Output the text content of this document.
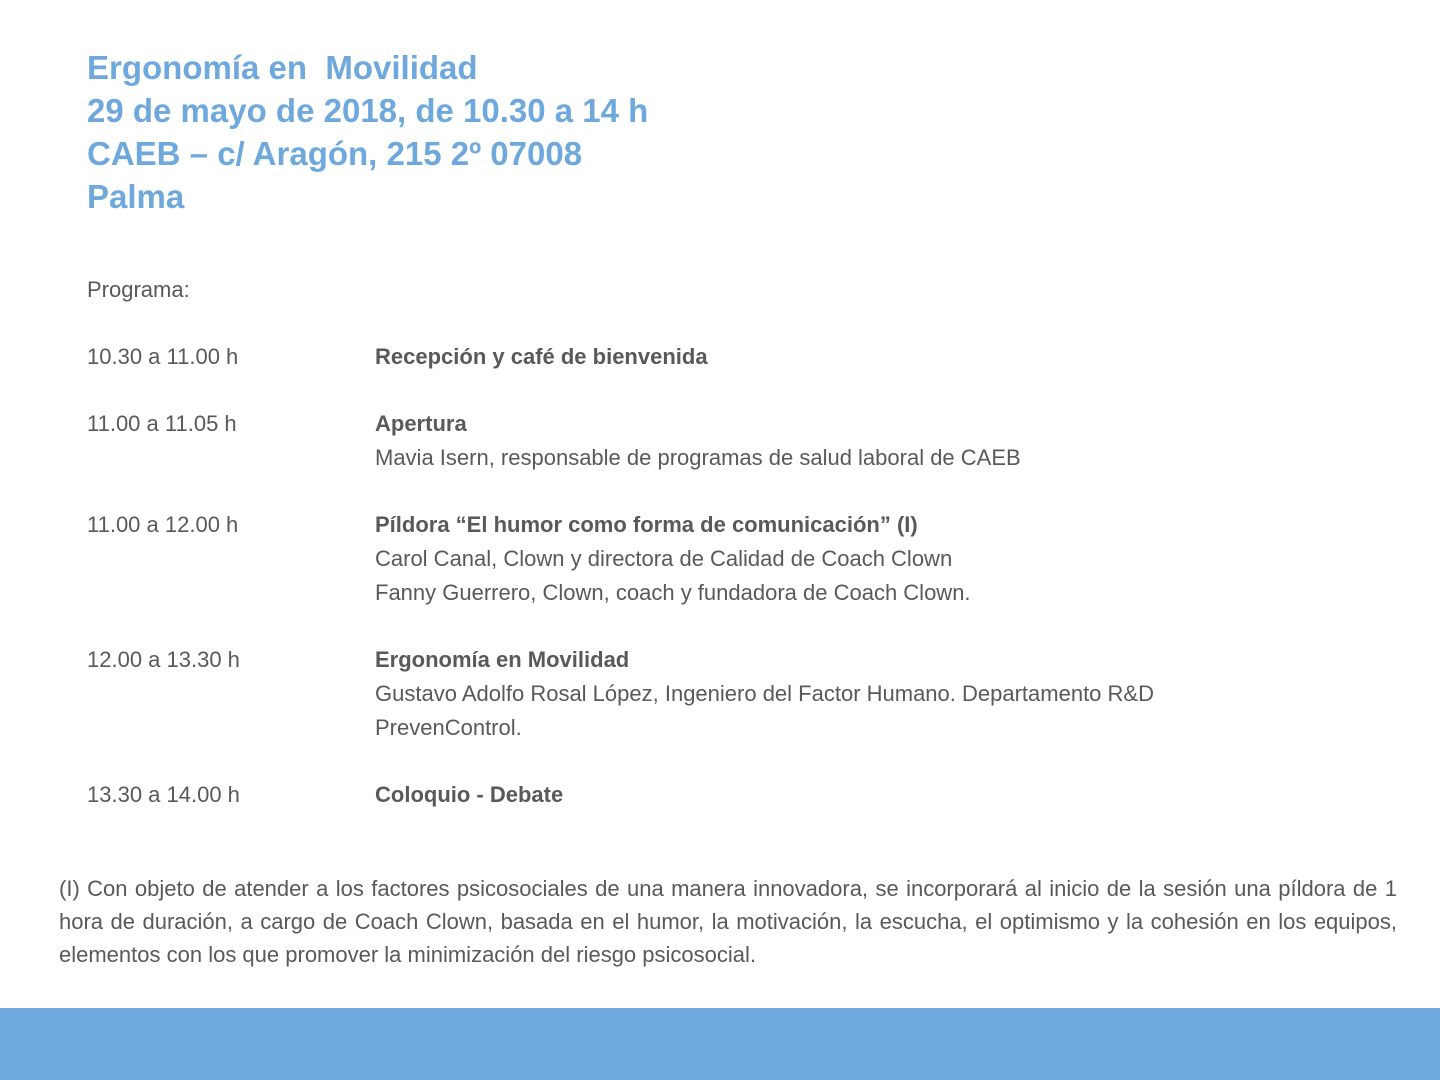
Ergonomía en  Movilidad
29 de mayo de 2018, de 10.30 a 14 h
CAEB – c/ Aragón, 215 2º 07008
Palma
Programa:
10.30 a 11.00 h	Recepción y café de bienvenida
11.00 a 11.05 h	Apertura
Mavia Isern, responsable de programas de salud laboral de CAEB
11.00 a 12.00 h	Píldora “El humor como forma de comunicación” (I)
Carol Canal, Clown y directora de Calidad de Coach Clown
Fanny Guerrero, Clown, coach y fundadora de Coach Clown.
12.00 a 13.30 h	Ergonomía en Movilidad
Gustavo Adolfo Rosal López, Ingeniero del Factor Humano. Departamento R&D
PrevenControl.
13.30 a 14.00 h	Coloquio - Debate
(I) Con objeto de atender a los factores psicosociales de una manera innovadora, se incorporará al inicio de la sesión una píldora de 1 hora de duración, a cargo de Coach Clown, basada en el humor, la motivación, la escucha, el optimismo y la cohesión en los equipos, elementos con los que promover la minimización del riesgo psicosocial.
